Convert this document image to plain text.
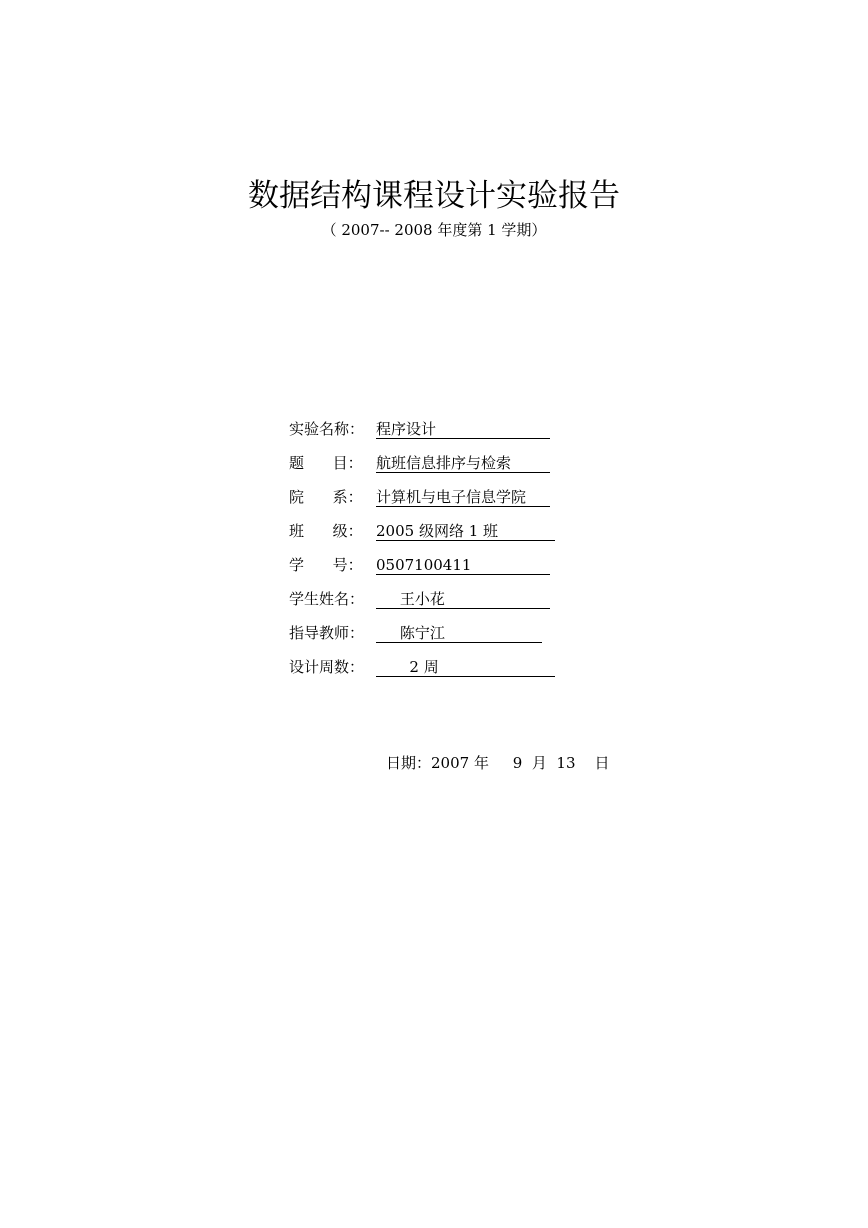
数据结构课程设计实验报告
（ 2007-- 2008 年度第 1 学期）
实验名称： 程序设计
题      目： 航班信息排序与检索
院      系： 计算机与电子信息学院
班      级： 2005 级网络 1 班
学      号： 0507100411
学生姓名： 王小花
指导教师： 陈宁江
设计周数： 2 周
日期：2007 年     9  月  13    日
